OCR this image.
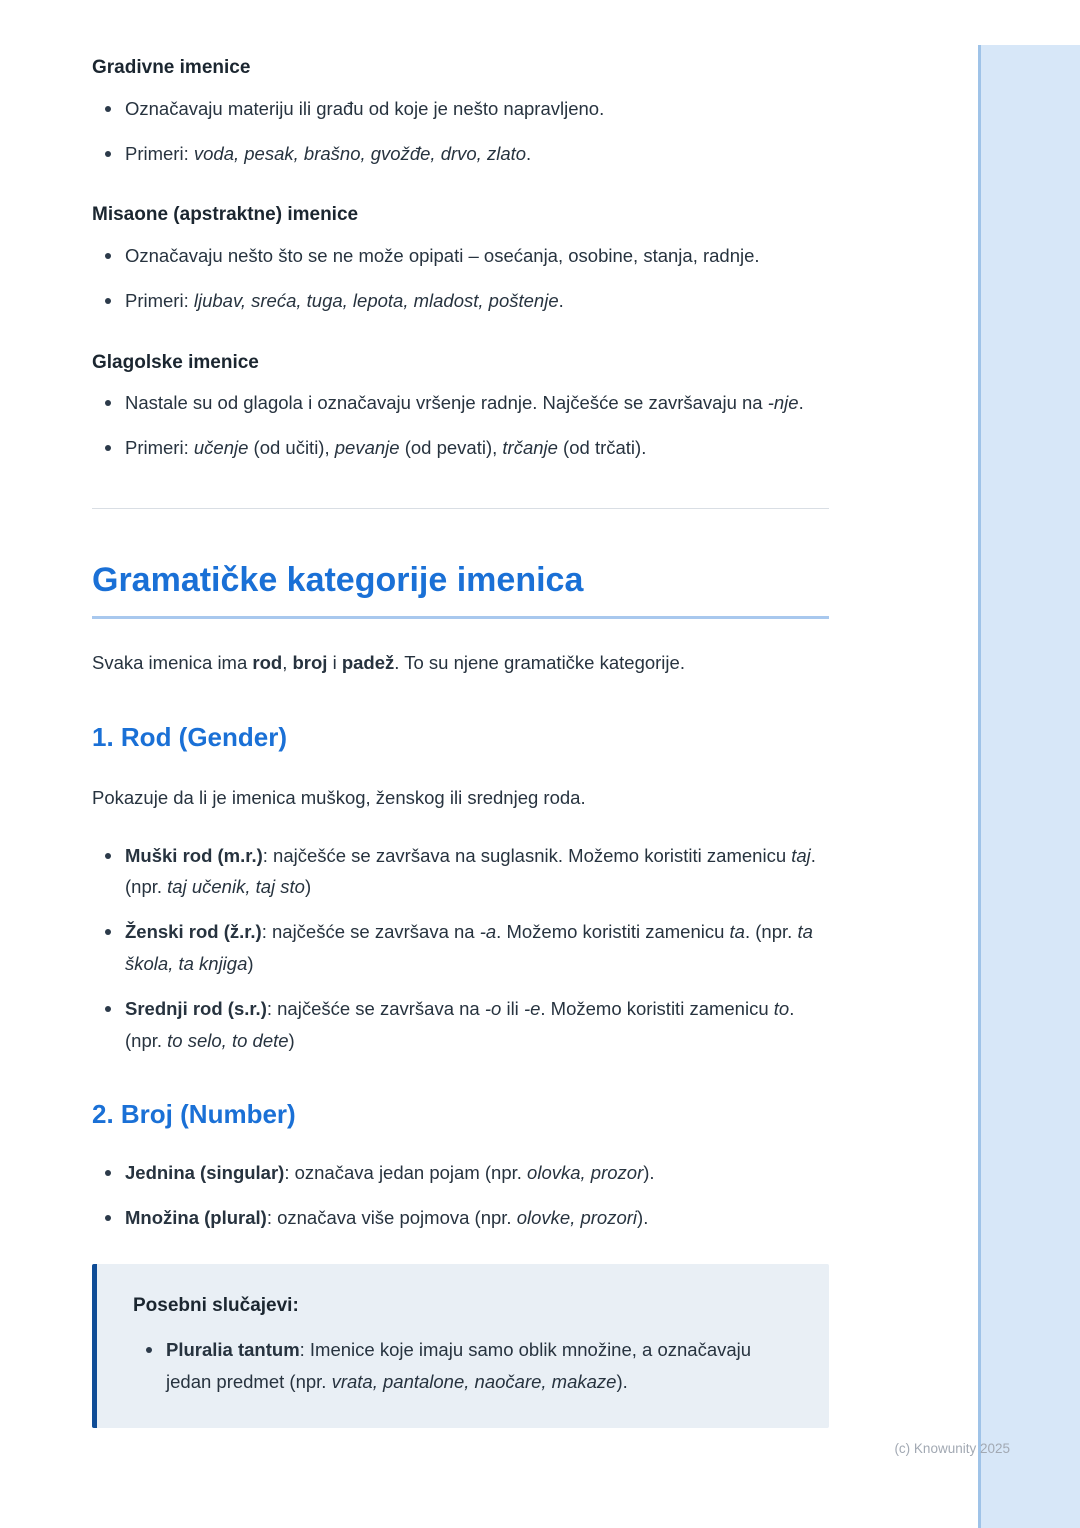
Gradivne imenice
Označavaju materiju ili građu od koje je nešto napravljeno.
Primeri: voda, pesak, brašno, gvožđe, drvo, zlato.
Misaone (apstraktne) imenice
Označavaju nešto što se ne može opipati – osećanja, osobine, stanja, radnje.
Primeri: ljubav, sreća, tuga, lepota, mladost, poštenje.
Glagolske imenice
Nastale su od glagola i označavaju vršenje radnje. Najčešće se završavaju na -nje.
Primeri: učenje (od učiti), pevanje (od pevati), trčanje (od trčati).
Gramatičke kategorije imenica

Svaka imenica ima rod, broj i padež. To su njene gramatičke kategorije.

1. Rod (Gender)

Pokazuje da li je imenica muškog, ženskog ili srednjeg roda.

Muški rod (m.r.): najčešće se završava na suglasnik. Možemo koristiti zamenicu taj. (npr. taj učenik, taj sto)
Ženski rod (ž.r.): najčešće se završava na -a. Možemo koristiti zamenicu ta. (npr. ta škola, ta knjiga)
Srednji rod (s.r.): najčešće se završava na -o ili -e. Možemo koristiti zamenicu to. (npr. to selo, to dete)
2. Broj (Number)
Jednina (singular): označava jedan pojam (npr. olovka, prozor).
Množina (plural): označava više pojmova (npr. olovke, prozori).
Posebni slučajevi:
Pluralia tantum: Imenice koje imaju samo oblik množine, a označavaju jedan predmet (npr. vrata, pantalone, naočare, makaze).
(c) Knowunity 2025
